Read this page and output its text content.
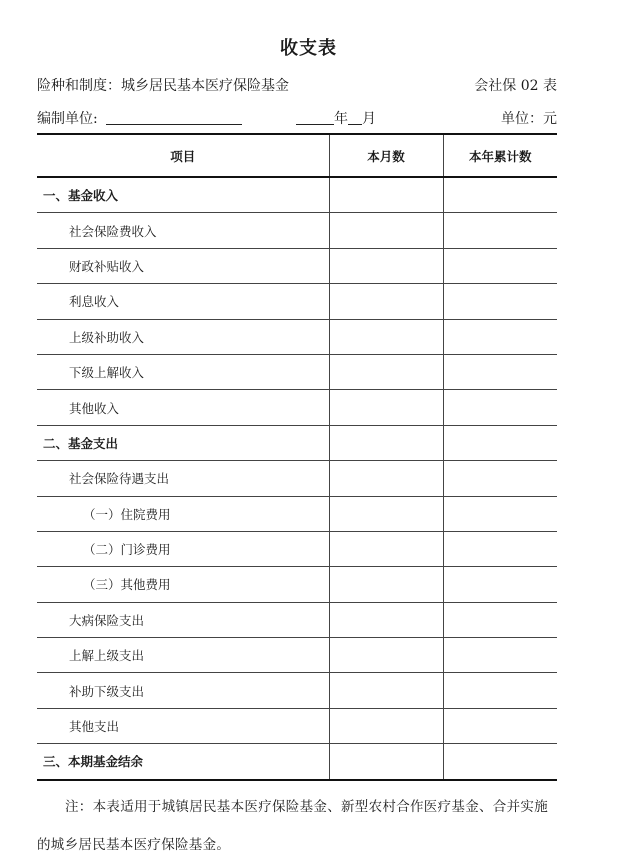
收支表
险种和制度：城乡居民基本医疗保险基金	会社保 02 表
编制单位:	年 月	单位：元
项目	本月数	本年累计数
一、基金收入		
社会保险费收入		
财政补贴收入		
利息收入		
上级补助收入		
下级上解收入		
其他收入		
二、基金支出		
社会保险待遇支出		
（一）住院费用		
（二）门诊费用		
（三）其他费用		
大病保险支出		
上解上级支出		
补助下级支出		
其他支出		
三、本期基金结余		
注：本表适用于城镇居民基本医疗保险基金、新型农村合作医疗基金、合并实施的城乡居民基本医疗保险基金。
